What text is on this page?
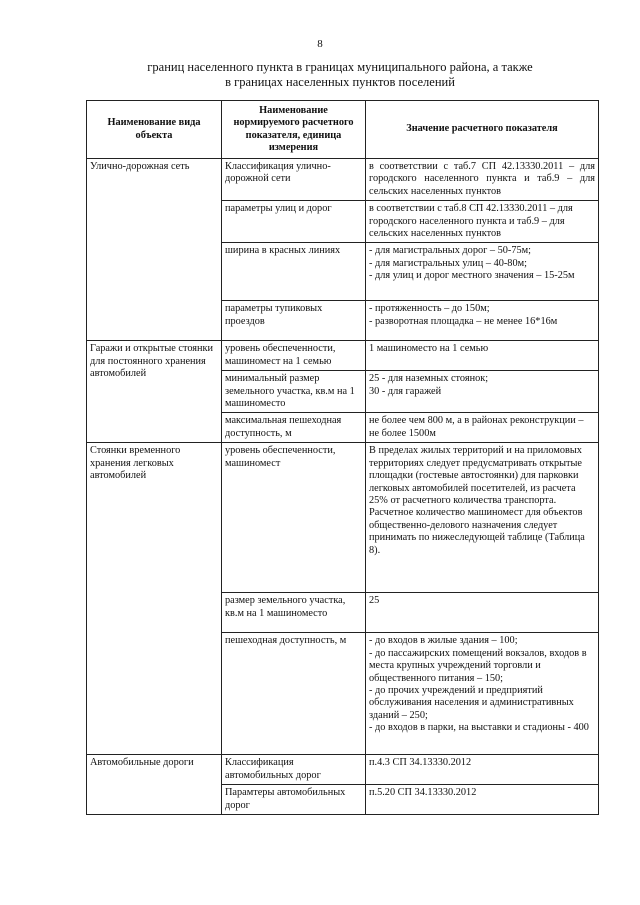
8
границ населенного пункта в границах муниципального района, а также
в границах населенных пунктов поселений
Наименование вида объекта	Наименование нормируемого расчетного показателя, единица измерения	Значение расчетного показателя
Улично-дорожная сеть	Классификация улично-дорожной сети	в соответствии с таб.7 СП 42.13330.2011 – для городского населенного пункта и таб.9 – для сельских населенных пунктов
	параметры улиц и дорог	в соответствии с таб.8 СП 42.13330.2011 – для городского населенного пункта и таб.9 – для сельских населенных пунктов
	ширина в красных линиях	- для магистральных дорог – 50-75м;
- для магистральных улиц – 40-80м;
- для улиц и дорог местного значения – 15-25м
	параметры тупиковых проездов	- протяженность – до 150м;
- разворотная площадка – не менее 16*16м
Гаражи и открытые стоянки для постоянного хранения автомобилей	уровень обеспеченности, машиномест на 1 семью	1 машиноместо на 1 семью
	минимальный размер земельного участка, кв.м на 1 машиноместо	25 - для наземных стоянок;
30 - для гаражей
	максимальная пешеходная доступность, м	не более чем 800 м, а в районах реконструкции – не более 1500м
Стоянки временного хранения легковых автомобилей	уровень обеспеченности, машиномест	В пределах жилых территорий и на приломовых территориях следует предусматривать открытые площадки (гостевые автостоянки) для парковки легковых автомобилей посетителей, из расчета 25% от расчетного количества транспорта.
Расчетное количество машиномест для объектов общественно-делового назначения следует принимать по нижеследующей таблице (Таблица 8).
	размер земельного участка, кв.м на 1 машиноместо	25
	пешеходная доступность, м	- до входов в жилые здания – 100;
- до пассажирских помещений вокзалов, входов в места крупных учреждений торговли и общественного питания – 150;
- до прочих учреждений и предприятий обслуживания населения и административных зданий – 250;
- до входов в парки, на выставки и стадионы - 400
Автомобильные дороги	Классификация автомобильных дорог	п.4.3 СП 34.13330.2012
	Парамтеры автомобильных дорог	п.5.20 СП 34.13330.2012
